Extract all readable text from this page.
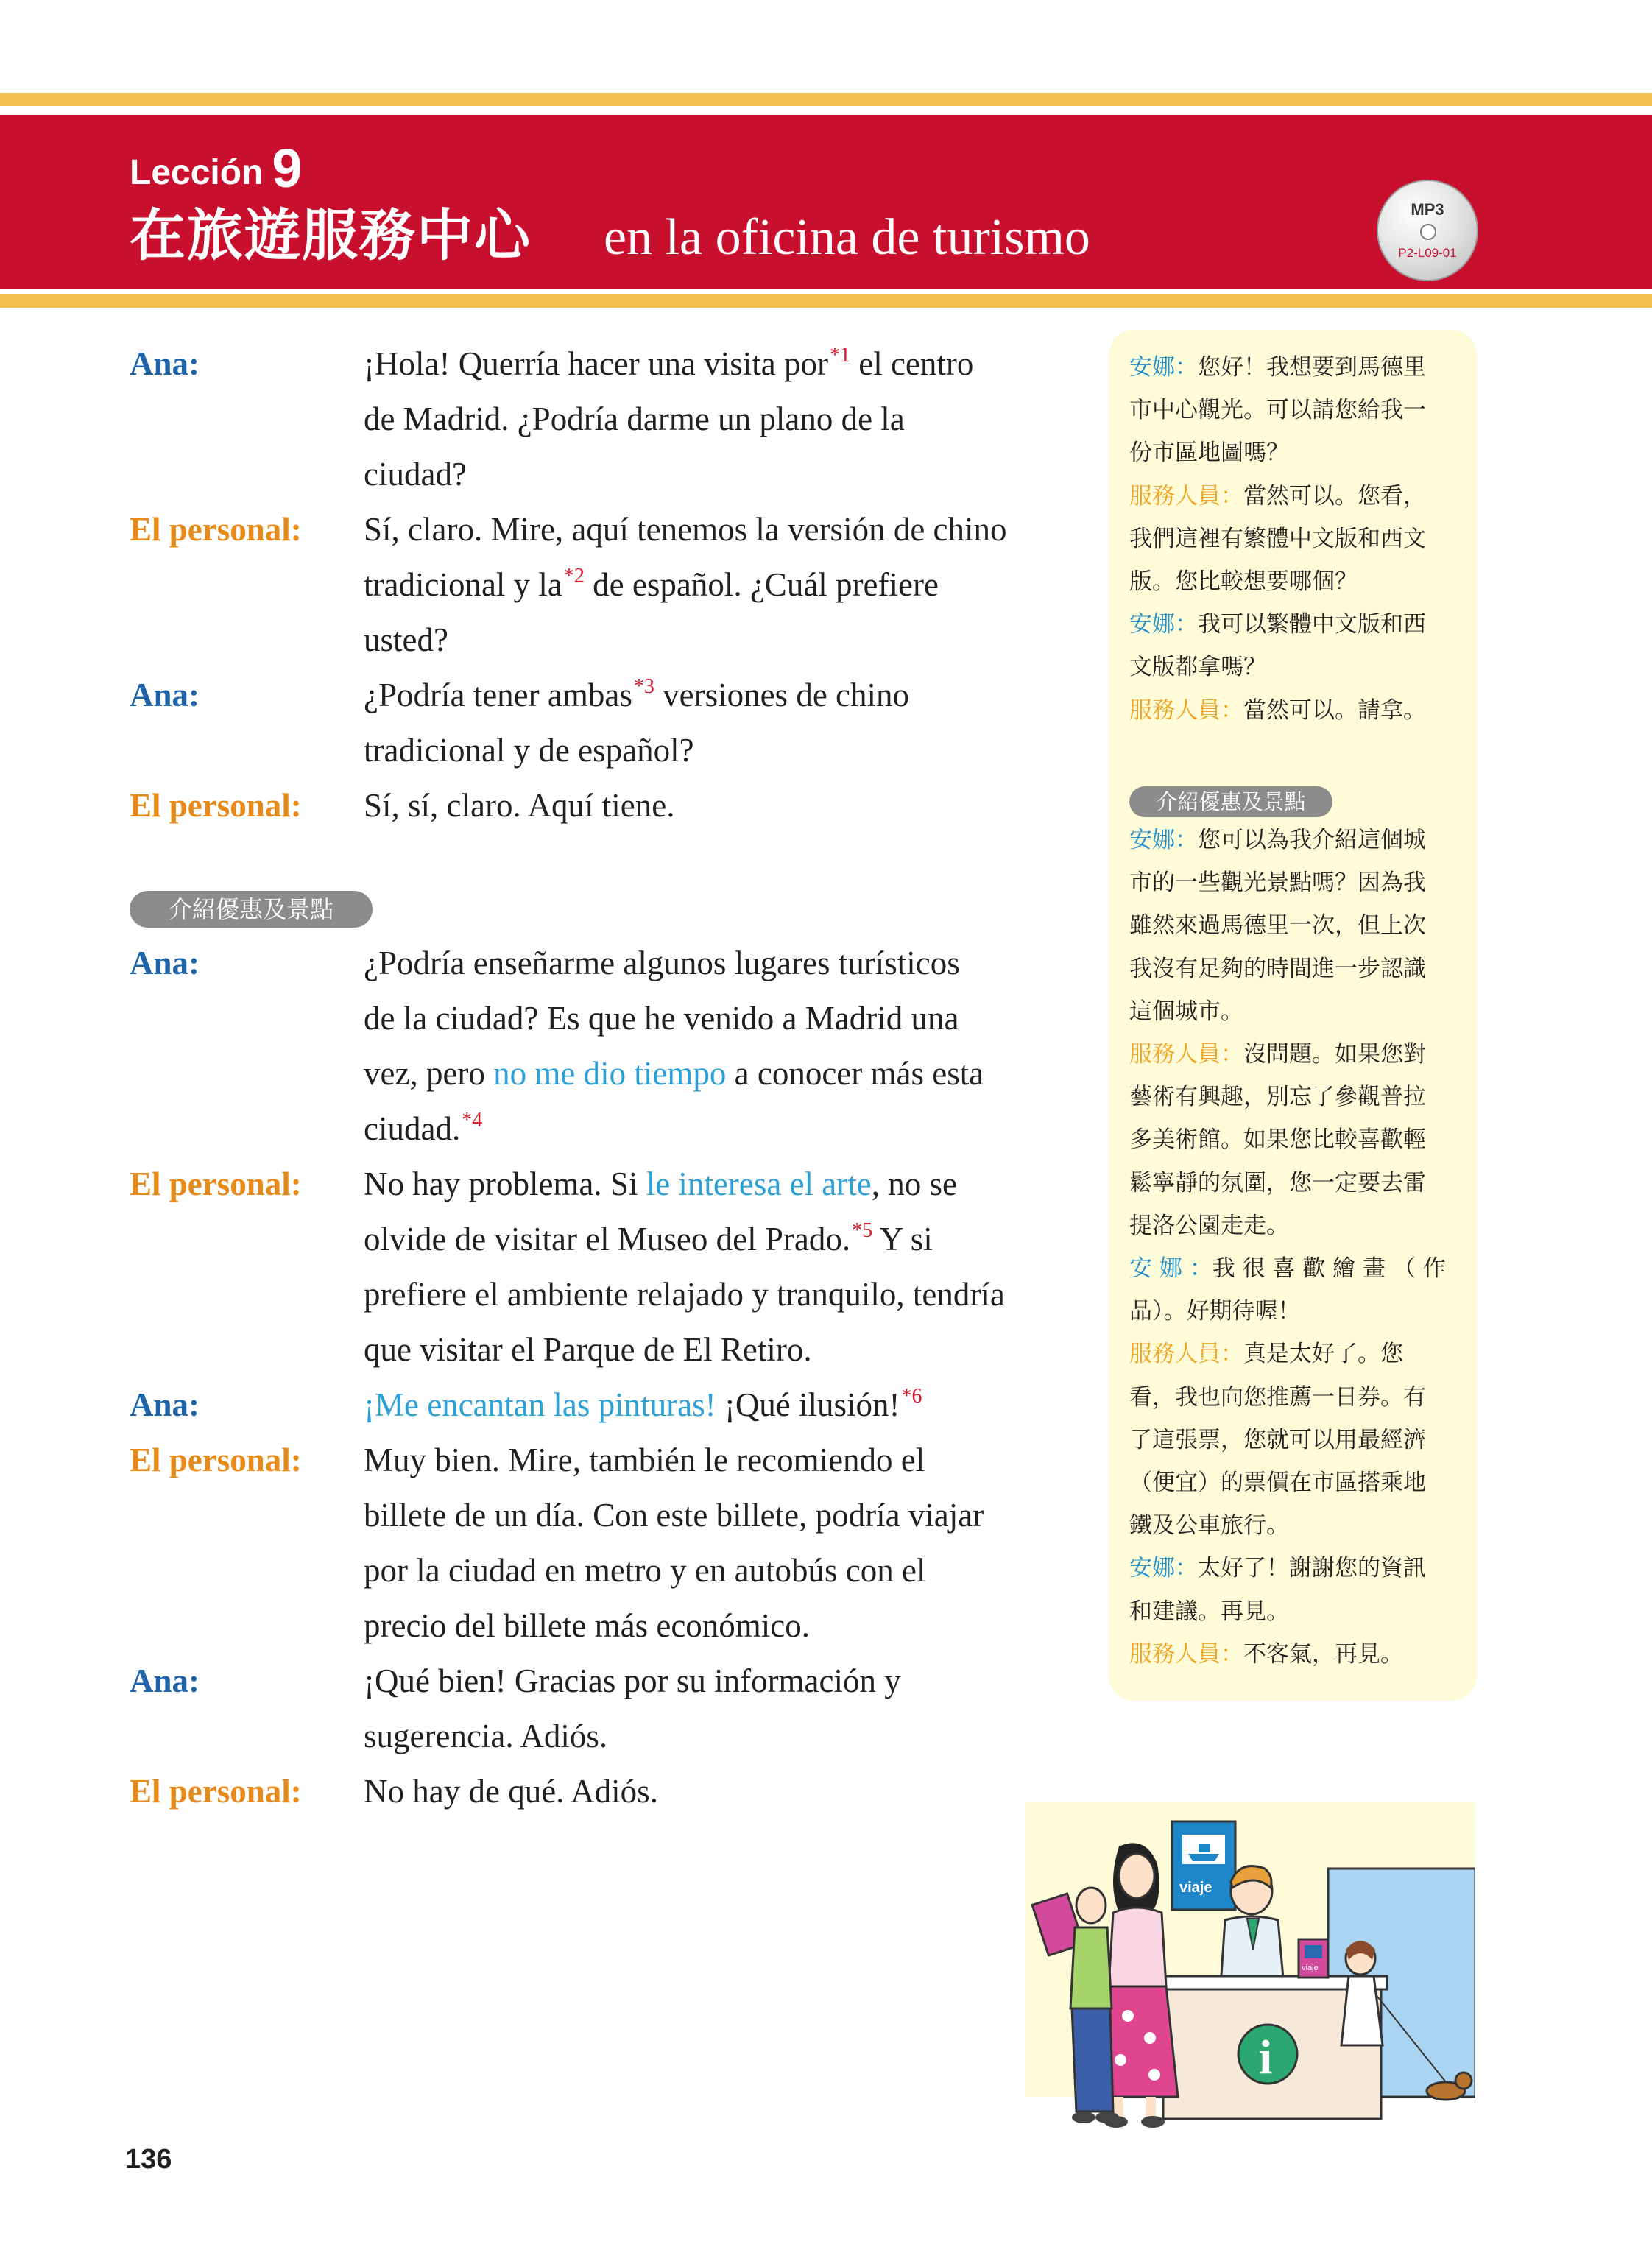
Lección 9
在旅遊服務中心 en la oficina de turismo	MP3
P2-L09-01
Ana:	¡Hola! Querría hacer una visita por$^{*1}$ el centro
de Madrid. ¿Podría darme un plano de la
ciudad?
El personal: Sí, claro. Mire, aquí tenemos la versión de chino
tradicional y la$^{*2}$ de español. ¿Cuál prefiere
usted?
Ana:	¿Podría tener ambas$^{*3}$ versiones de chino
tradicional y de español?
El personal: Sí, sí, claro. Aquí tiene.
Ana:	¿Podría enseñarme algunos lugares turísticos
de la ciudad? Es que he venido a Madrid una
vez, pero no me dio tiempo a conocer más esta
ciudad.$^{*4}$
El personal: No hay problema. Si le interesa el arte, no se
olvide de visitar el Museo del Prado.$^{*5}$ Y si
prefiere el ambiente relajado y tranquilo, tendría
que visitar el Parque de El Retiro.
Ana:	¡Me encantan las pinturas! ¡Qué ilusión!$^{*6}$
El personal: Muy bien. Mire, también le recomiendo el
billete de un día. Con este billete, podría viajar
por la ciudad en metro y en autobús con el
precio del billete más económico.
Ana:	¡Qué bien! Gracias por su información y
sugerencia. Adiós.
El personal: No hay de qué. Adiós.
介紹優惠及景點
安娜：您好！我想要到馬德里
市中心觀光。可以請您給我一
份市區地圖嗎？
服務人員：當然可以。您看，
我們這裡有繁體中文版和西文
版。您比較想要哪個？
安娜：我可以繁體中文版和西
文版都拿嗎？
服務人員：當然可以。請拿。
安娜：您可以為我介紹這個城
市的一些觀光景點嗎？因為我
雖然來過馬德里一次，但上次
我沒有足夠的時間進一步認識
這個城市。
服務人員：沒問題。如果您對
藝術有興趣，別忘了參觀普拉
多美術館。如果您比較喜歡輕
鬆寧靜的氛圍，您一定要去雷
提洛公園走走。
安 娜 ：我 很 喜 歡 繪 畫 （ 作
品）。好期待喔！
服務人員：真是太好了。您
看，我也向您推薦一日券。有
了這張票，您就可以用最經濟
（便宜）的票價在市區搭乘地
鐵及公車旅行。
安娜：太好了！謝謝您的資訊
和建議。再見。
服務人員：不客氣，再見。
介紹優惠及景點
viaje
i
viaje
136
